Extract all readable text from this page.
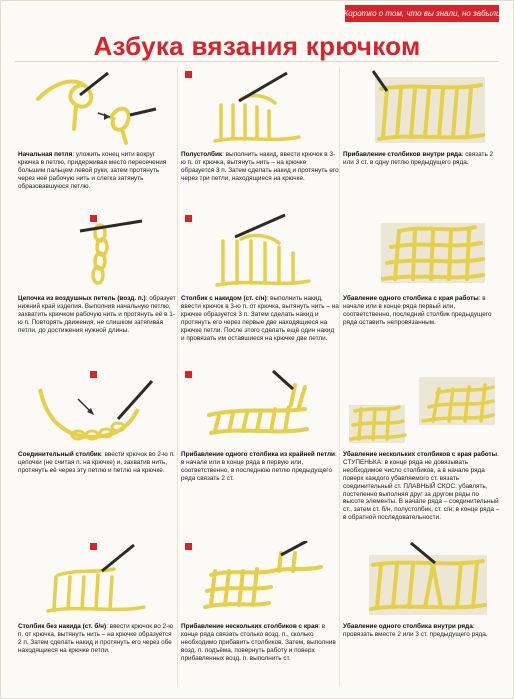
Коротко о том, что вы знали, но забыли
Азбука вязания крючком
Начальная петля: уложить конец нити вокруг крючка в петлю, придерживая место пересечения большим пальцем левой руки, затем протянуть через неё рабочую нить и слегка затянуть образовавшуюся петлю.
Полустолбик: выполнить накид, ввести крючок в 3-ю п. от крючка, вытянуть нить – на крючке образуется 3 п. Затем сделать накид и протянуть его через три петли, находящиеся на крючке.
Прибавление столбиков внутри ряда: связать 2 или 3 ст. в одну петлю предыдущего ряда.
Цепочка из воздушных петель (возд. п.): образует нижний край изделия. Выполнив начальную петлю, захватить крючком рабочую нить и протянуть её в 1-ю п. Повторять движения, не слишком затягивая петли, до достижения нужной длины.
Столбик с накидом (ст. с/н): выполнить накид, ввести крючок в 3-ю п. от крючка, вытянуть нить – на крючке образуется 3 п. Затем сделать накид и протянуть его через первые две находящиеся на крючке петли. После этого сделать ещё один накид и провязать им оставшиеся на крючке две петли.
Убавление одного столбика с края работы: в начале или в конце ряда первый или, соответственно, последний столбик предыдущего ряда оставить непровязанным.
Соединительный столбик: ввести крючок во 2-ю п. цепочки (не считая п. на крючке) и, захватив нить, протянуть её через эту петлю и петлю на крючке.
Прибавление одного столбика из крайней петли: в начале или в конце ряда в первую или, соответственно, в последнюю петлю предыдущего ряда связать 2 ст.
Убавление нескольких столбиков с края работы. СТУПЕНЬКА: в конце ряда не довязывать необходимое число столбиков, а в начале ряда поверх каждого убавляемого ст. вязать соединительный ст. ПЛАВНЫЙ СКОС: убавлять, постепенно выполняя друг за другом ряды по высоте элементы. В начале ряда – соединительный ст., затем ст. б/н, полустолбик, ст. с/н; в конце ряда – в обратной последовательности.
Столбик без накида (ст. б/н): ввести крючок во 2-ю п. от крючка, вытянуть нить – на крючке образуется 2 п. Затем сделать накид и протянуть его через обе находящиеся на крючке петли.
Прибавление нескольких столбиков с края: в конце ряда связать столько возд. п., сколько необходимо прибавить столбиков. Затем, выполнив возд. п. подъёма, повернуть работу и поверх прибавленных возд. п. выполнить ст.
Убавление одного столбика внутри ряда: провязать вместе 2 или 3 ст. предыдущего ряда.
